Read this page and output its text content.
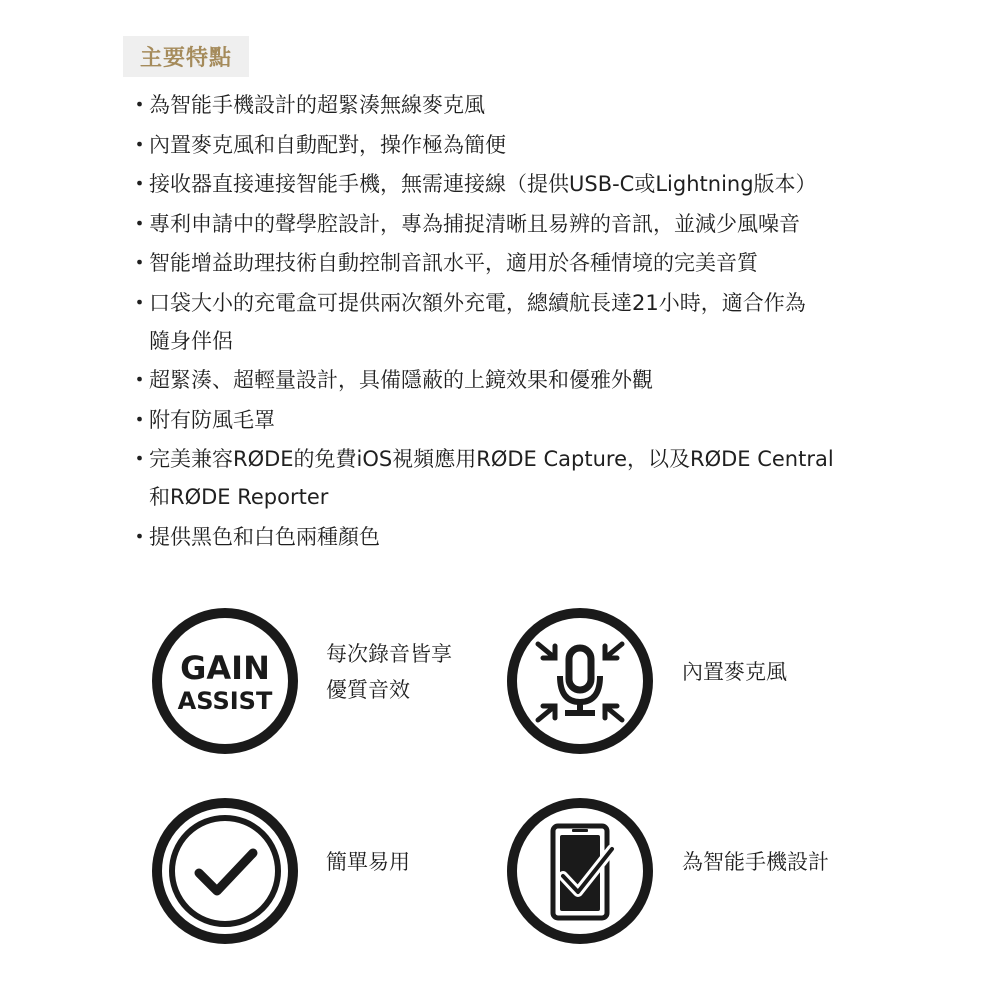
主要特點
・ 為智能手機設計的超緊湊無線麥克風
・ 內置麥克風和自動配對，操作極為簡便
・ 接收器直接連接智能手機，無需連接線（提供USB-C或Lightning版本）
・ 專利申請中的聲學腔設計，專為捕捉清晰且易辨的音訊，並減少風噪音
・ 智能增益助理技術自動控制音訊水平，適用於各種情境的完美音質
・ 口袋大小的充電盒可提供兩次額外充電，總續航長達21小時，適合作為
隨身伴侶
・ 超緊湊、超輕量設計，具備隱蔽的上鏡效果和優雅外觀
・ 附有防風毛罩
・ 完美兼容RØDE的免費iOS視頻應用RØDE Capture，以及RØDE Central
和RØDE Reporter
・ 提供黑色和白色兩種顏色
GAIN
ASSIST
每次錄音皆享
優質音效
內置麥克風
簡單易用	為智能手機設計
